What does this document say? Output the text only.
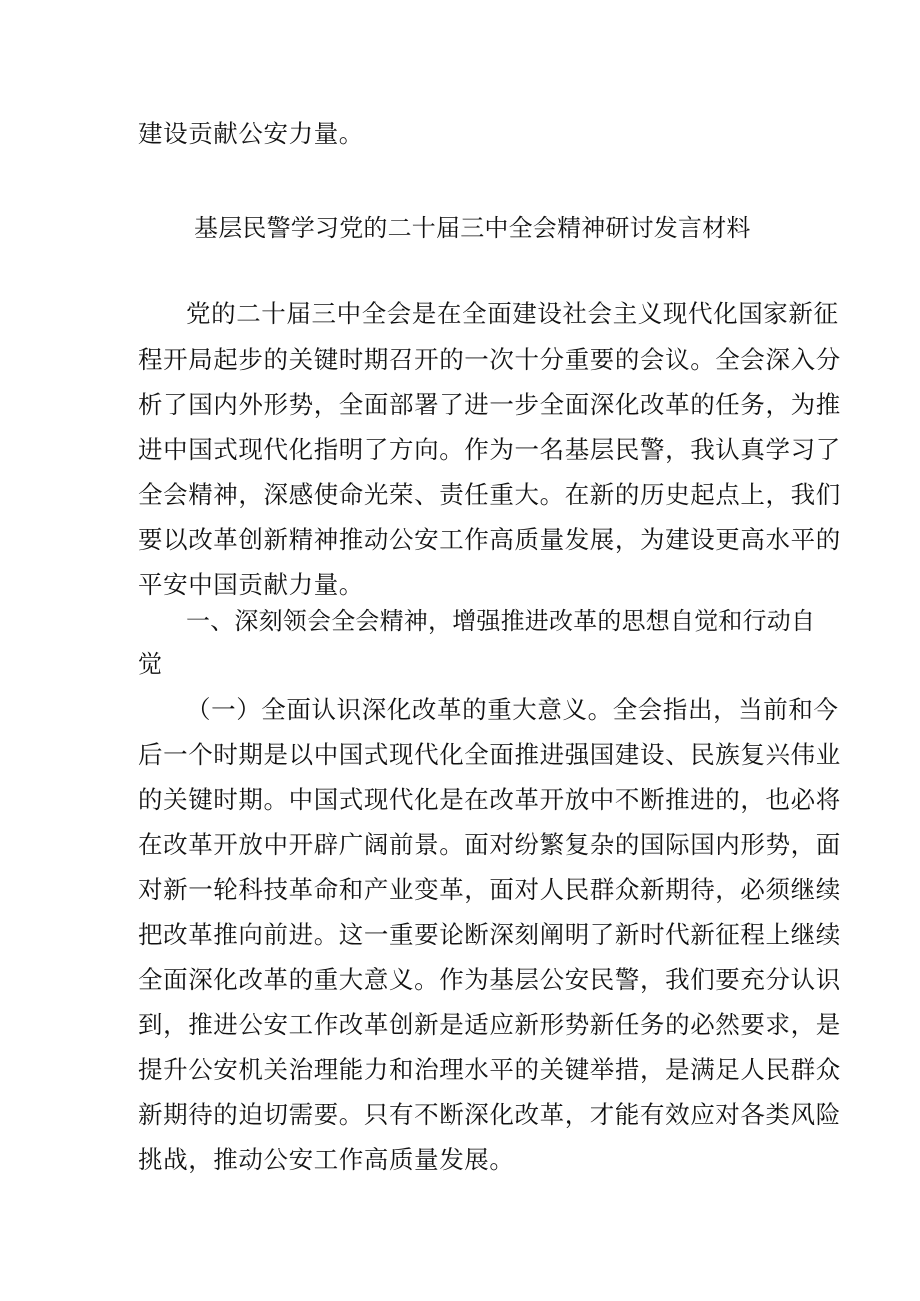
建设贡献公安力量。
基层民警学习党的二十届三中全会精神研讨发言材料
党的二十届三中全会是在全面建设社会主义现代化国家新征
程开局起步的关键时期召开的一次十分重要的会议。全会深入分
析了国内外形势，全面部署了进一步全面深化改革的任务，为推
进中国式现代化指明了方向。作为一名基层民警，我认真学习了
全会精神，深感使命光荣、责任重大。在新的历史起点上，我们
要以改革创新精神推动公安工作高质量发展，为建设更高水平的
平安中国贡献力量。
一、深刻领会全会精神，增强推进改革的思想自觉和行动自
觉
（一）全面认识深化改革的重大意义。全会指出，当前和今
后一个时期是以中国式现代化全面推进强国建设、民族复兴伟业
的关键时期。中国式现代化是在改革开放中不断推进的，也必将
在改革开放中开辟广阔前景。面对纷繁复杂的国际国内形势，面
对新一轮科技革命和产业变革，面对人民群众新期待，必须继续
把改革推向前进。这一重要论断深刻阐明了新时代新征程上继续
全面深化改革的重大意义。作为基层公安民警，我们要充分认识
到，推进公安工作改革创新是适应新形势新任务的必然要求，是
提升公安机关治理能力和治理水平的关键举措，是满足人民群众
新期待的迫切需要。只有不断深化改革，才能有效应对各类风险
挑战，推动公安工作高质量发展。
